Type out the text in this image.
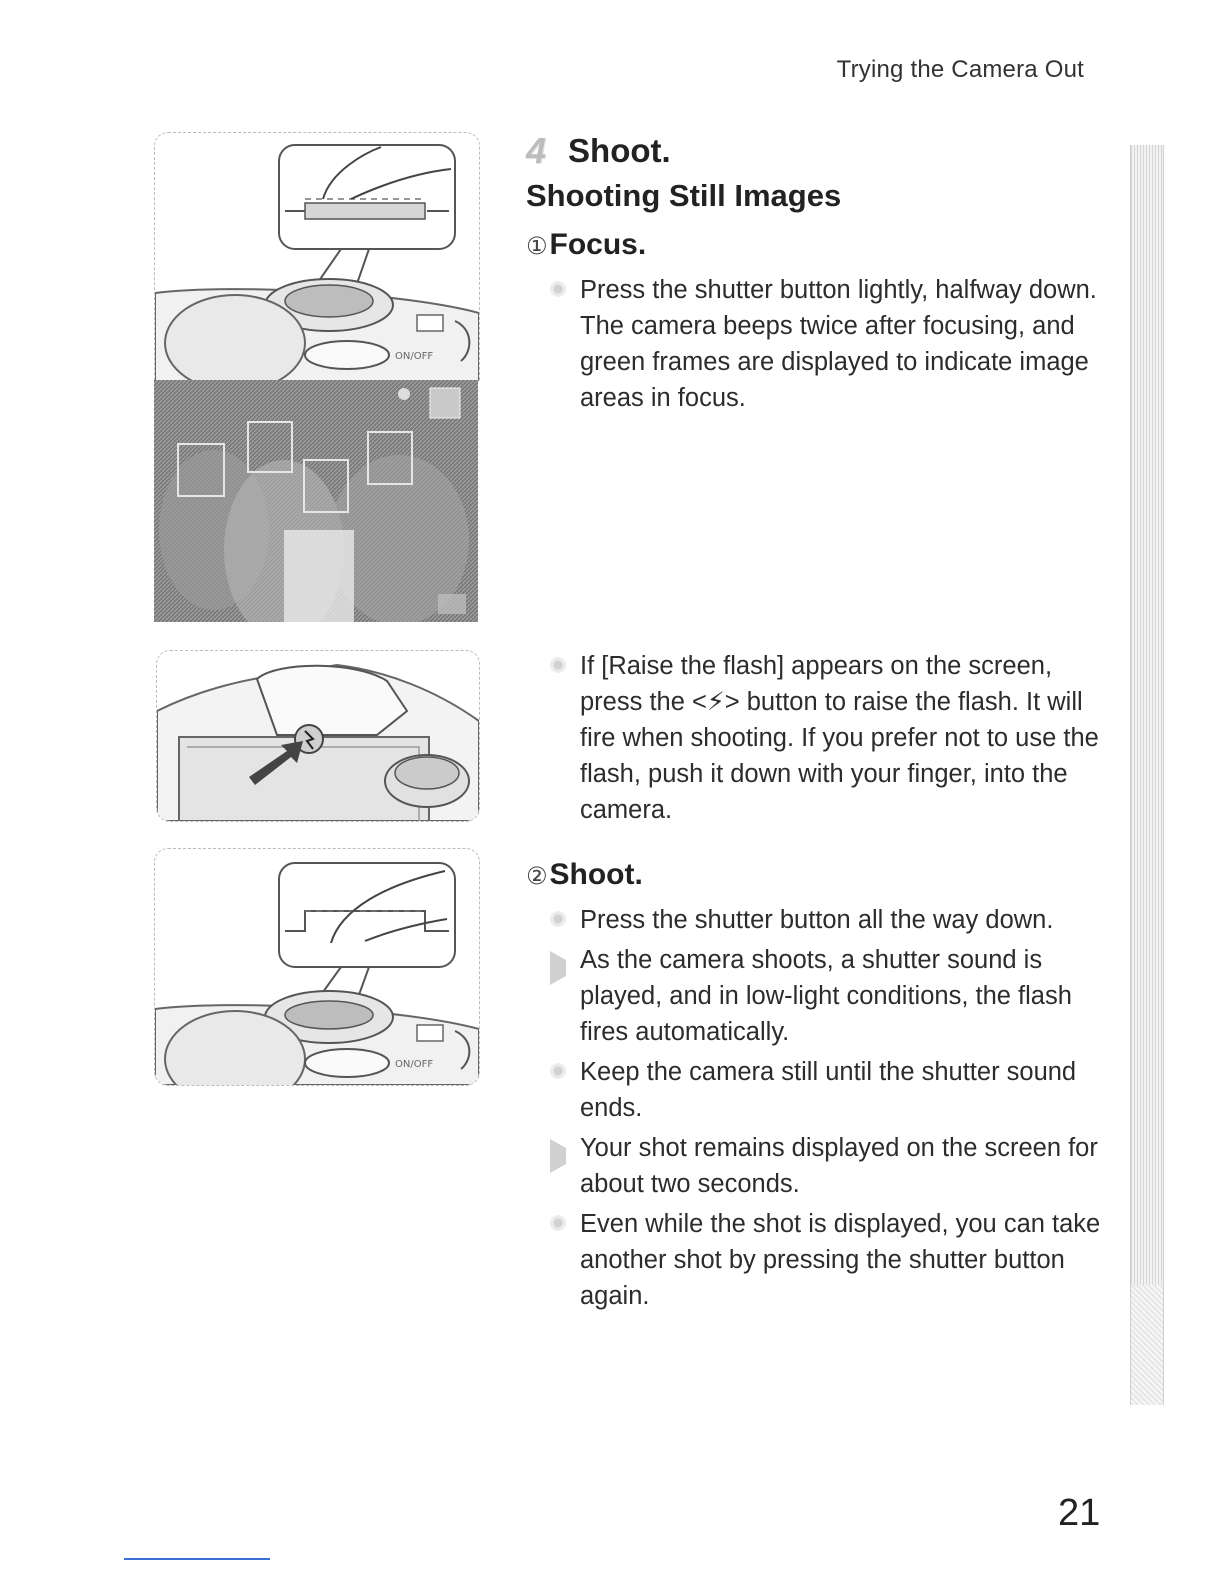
Trying the Camera Out
ON/OFF
ON/OFF
4 Shoot.
Shooting Still Images
①Focus.
Press the shutter button lightly, halfway down. The camera beeps twice after focusing, and green frames are displayed to indicate image areas in focus.
If [Raise the flash] appears on the screen, press the <⚡> button to raise the flash. It will fire when shooting. If you prefer not to use the flash, push it down with your finger, into the camera.
②Shoot.
Press the shutter button all the way down.
As the camera shoots, a shutter sound is played, and in low-light conditions, the flash fires automatically.
Keep the camera still until the shutter sound ends.
Your shot remains displayed on the screen for about two seconds.
Even while the shot is displayed, you can take another shot by pressing the shutter button again.
21
